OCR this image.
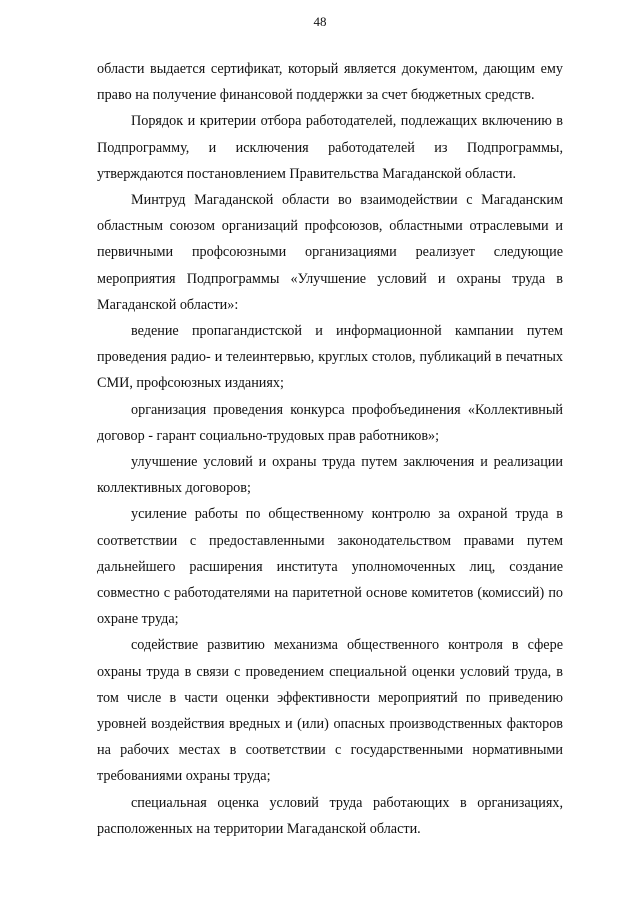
48

области выдается сертификат, который является документом, дающим ему право на получение финансовой поддержки за счет бюджетных средств.

Порядок и критерии отбора работодателей, подлежащих включению в Подпрограмму, и исключения работодателей из Подпрограммы, утверждаются постановлением Правительства Магаданской области.

Минтруд Магаданской области во взаимодействии с Магаданским областным союзом организаций профсоюзов, областными отраслевыми и первичными профсоюзными организациями реализует следующие мероприятия Подпрограммы «Улучшение условий и охраны труда в Магаданской области»:

ведение пропагандистской и информационной кампании путем проведения радио- и телеинтервью, круглых столов, публикаций в печатных СМИ, профсоюзных изданиях;

организация проведения конкурса профобъединения «Коллективный договор - гарант социально-трудовых прав работников»;

улучшение условий и охраны труда путем заключения и реализации коллективных договоров;

усиление работы по общественному контролю за охраной труда в соответствии с предоставленными законодательством правами путем дальнейшего расширения института уполномоченных лиц, создание совместно с работодателями на паритетной основе комитетов (комиссий) по охране труда;

содействие развитию механизма общественного контроля в сфере охраны труда в связи с проведением специальной оценки условий труда, в том числе в части оценки эффективности мероприятий по приведению уровней воздействия вредных и (или) опасных производственных факторов на рабочих местах в соответствии с государственными нормативными требованиями охраны труда;

специальная оценка условий труда работающих в организациях, расположенных на территории Магаданской области.
